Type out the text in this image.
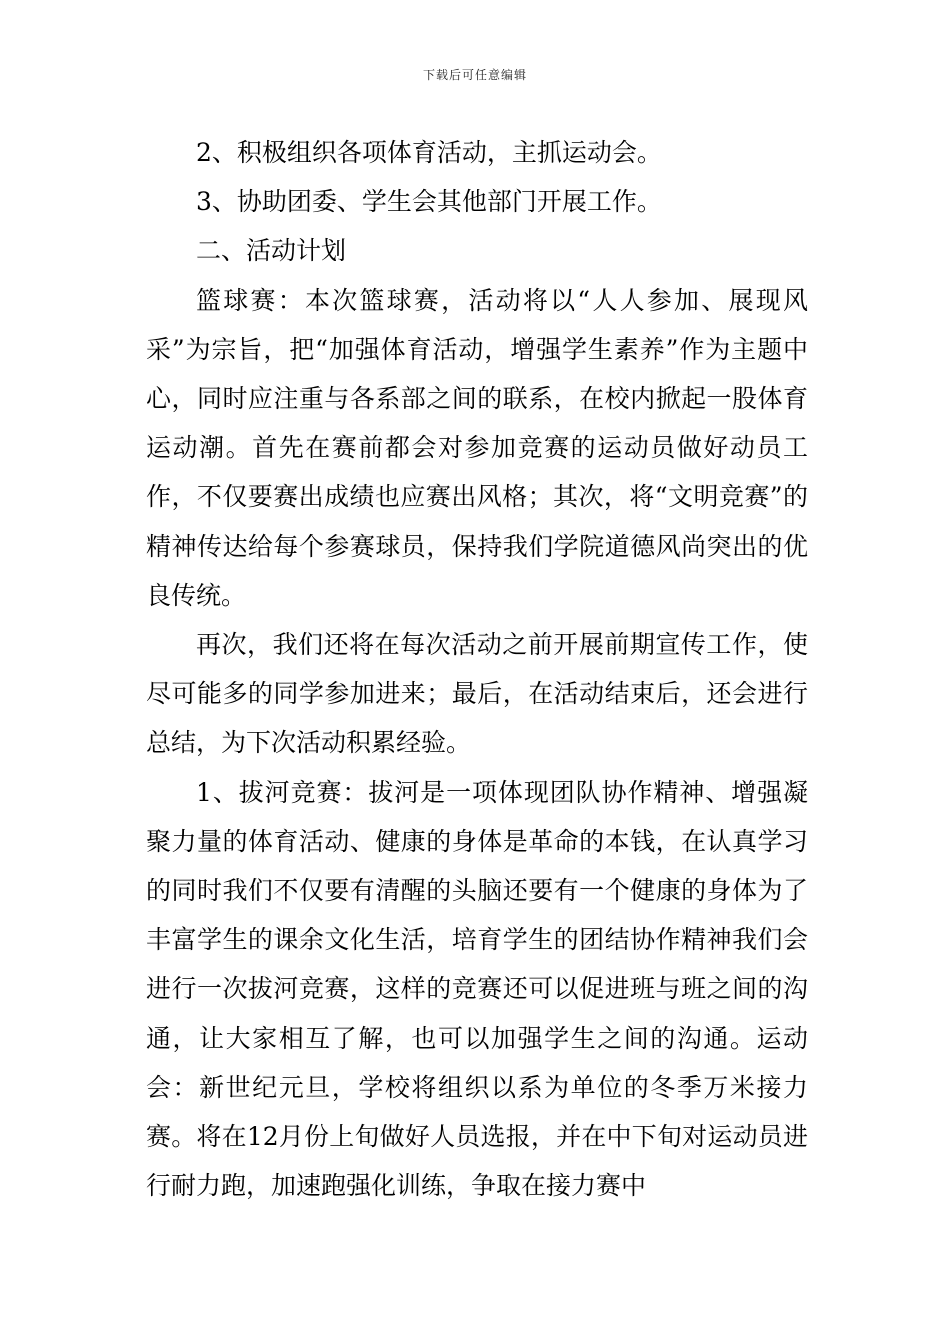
下载后可任意编辑

2、积极组织各项体育活动，主抓运动会。

3、协助团委、学生会其他部门开展工作。

二、活动计划

篮球赛：本次篮球赛，活动将以“人人参加、展现风采”为宗旨，把“加强体育活动，增强学生素养”作为主题中心，同时应注重与各系部之间的联系，在校内掀起一股体育运动潮。首先在赛前都会对参加竞赛的运动员做好动员工作，不仅要赛出成绩也应赛出风格；其次，将“文明竞赛”的精神传达给每个参赛球员，保持我们学院道德风尚突出的优良传统。

再次，我们还将在每次活动之前开展前期宣传工作，使尽可能多的同学参加进来；最后，在活动结束后，还会进行总结，为下次活动积累经验。

1、拔河竞赛：拔河是一项体现团队协作精神、增强凝聚力量的体育活动、健康的身体是革命的本钱，在认真学习的同时我们不仅要有清醒的头脑还要有一个健康的身体为了丰富学生的课余文化生活，培育学生的团结协作精神我们会进行一次拔河竞赛，这样的竞赛还可以促进班与班之间的沟通，让大家相互了解，也可以加强学生之间的沟通。运动会：新世纪元旦，学校将组织以系为单位的冬季万米接力赛。将在12月份上旬做好人员选报，并在中下旬对运动员进行耐力跑，加速跑强化训练，争取在接力赛中
